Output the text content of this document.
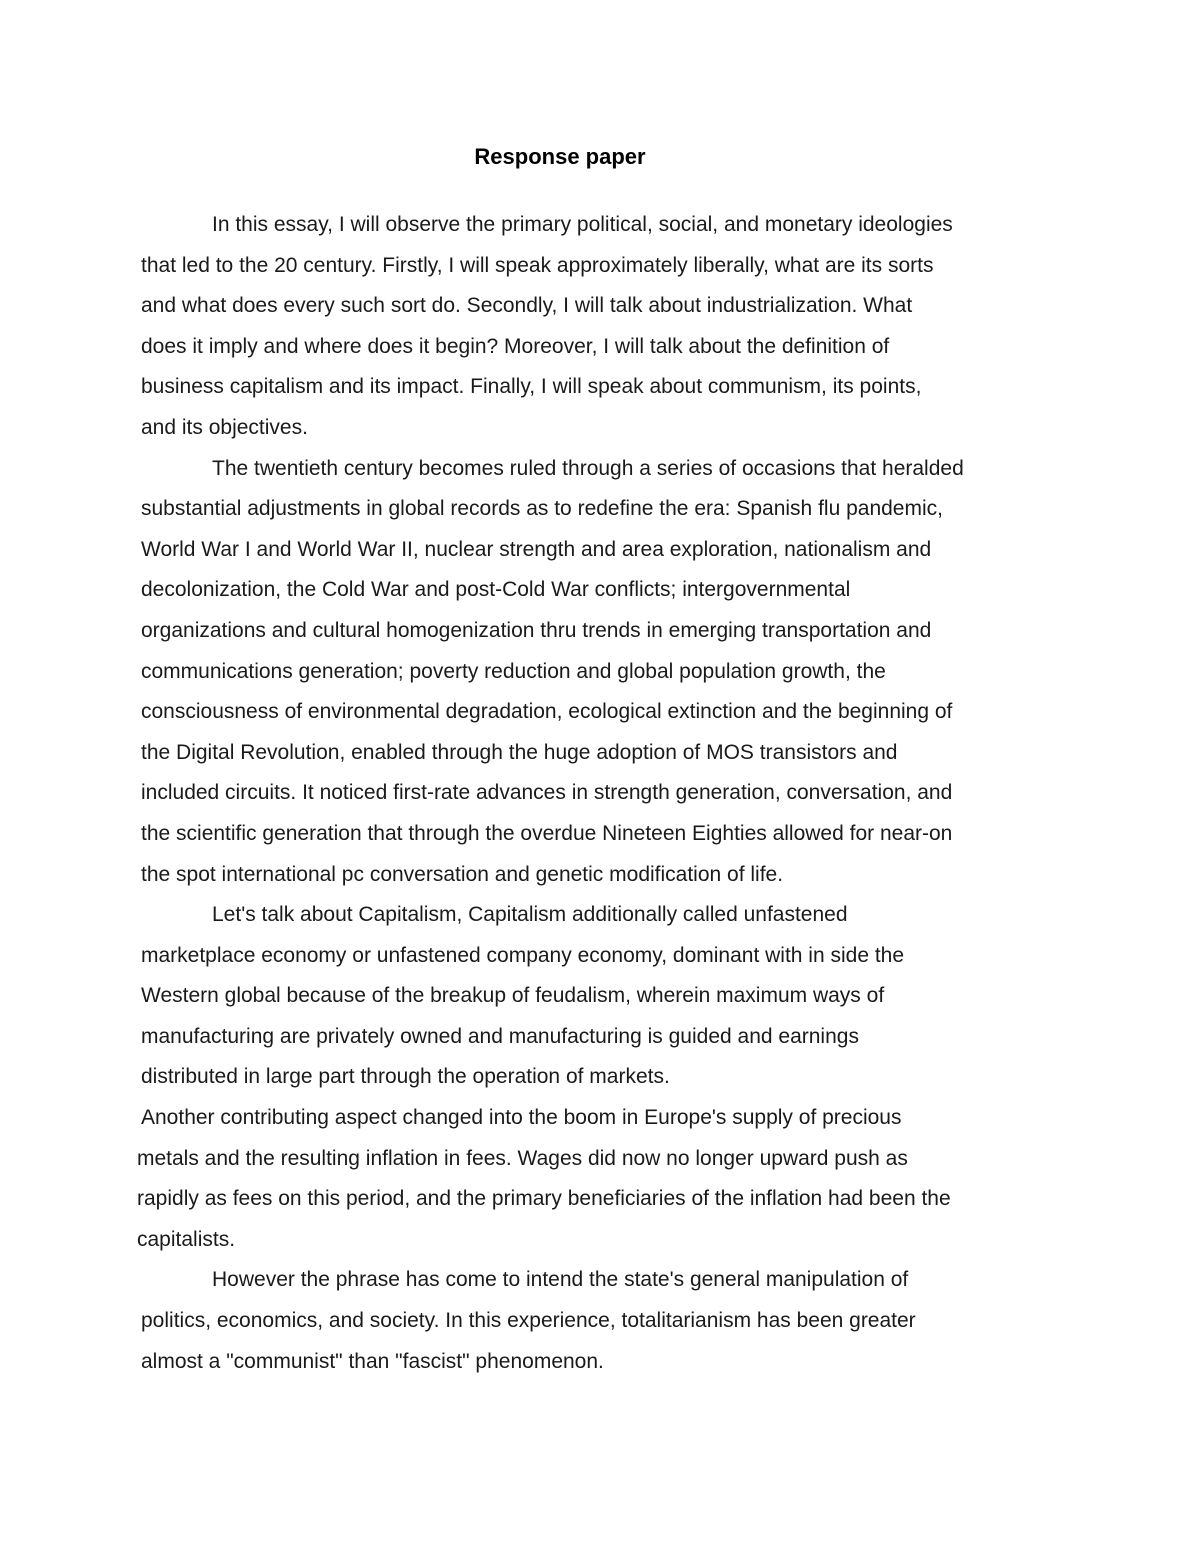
Response paper

In this essay, I will observe the primary political, social, and monetary ideologies
that led to the 20 century. Firstly, I will speak approximately liberally, what are its sorts
and what does every such sort do. Secondly, I will talk about industrialization. What
does it imply and where does it begin? Moreover, I will talk about the definition of
business capitalism and its impact. Finally, I will speak about communism, its points,
and its objectives.

The twentieth century becomes ruled through a series of occasions that heralded
substantial adjustments in global records as to redefine the era: Spanish flu pandemic,
World War I and World War II, nuclear strength and area exploration, nationalism and
decolonization, the Cold War and post-Cold War conflicts; intergovernmental
organizations and cultural homogenization thru trends in emerging transportation and
communications generation; poverty reduction and global population growth, the
consciousness of environmental degradation, ecological extinction and the beginning of
the Digital Revolution, enabled through the huge adoption of MOS transistors and
included circuits. It noticed first-rate advances in strength generation, conversation, and
the scientific generation that through the overdue Nineteen Eighties allowed for near-on
the spot international pc conversation and genetic modification of life.

Let's talk about Capitalism, Capitalism additionally called unfastened
marketplace economy or unfastened company economy, dominant with in side the
Western global because of the breakup of feudalism, wherein maximum ways of
manufacturing are privately owned and manufacturing is guided and earnings
distributed in large part through the operation of markets.

Another contributing aspect changed into the boom in Europe's supply of precious
metals and the resulting inflation in fees. Wages did now no longer upward push as
rapidly as fees on this period, and the primary beneficiaries of the inflation had been the
capitalists.

However the phrase has come to intend the state's general manipulation of
politics, economics, and society. In this experience, totalitarianism has been greater
almost a "communist" than "fascist" phenomenon.
